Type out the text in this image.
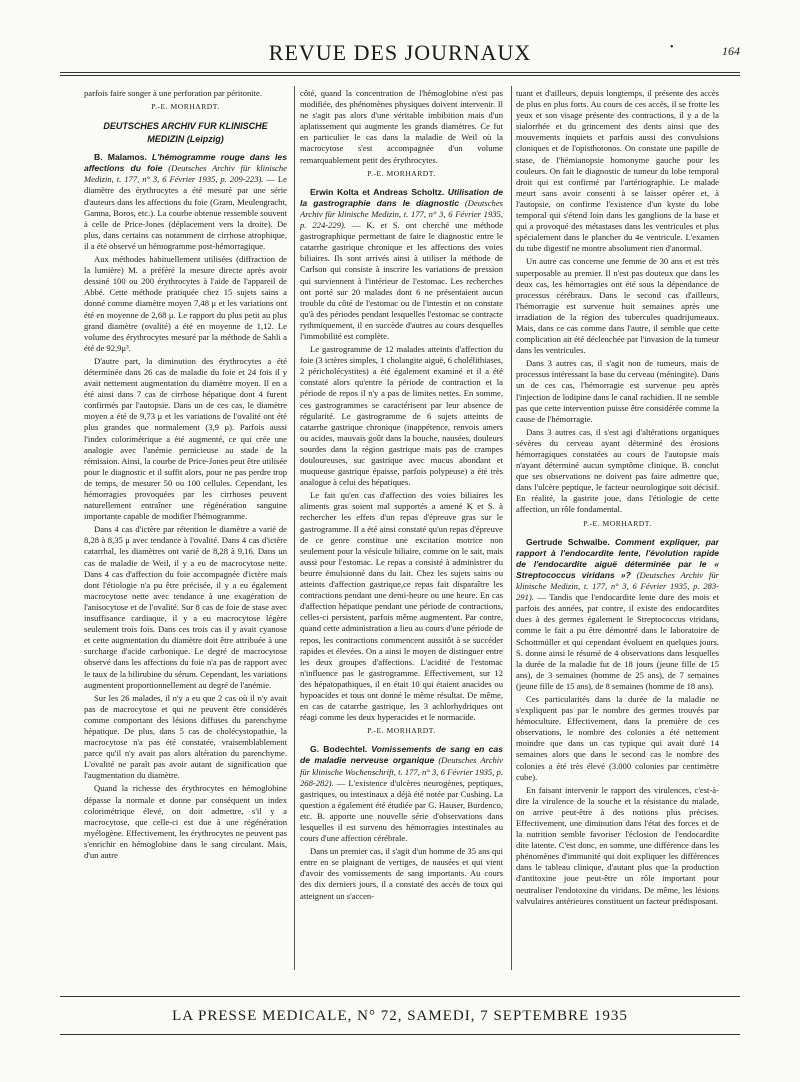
REVUE DES JOURNAUX	•	164

parfois faire songer à une perforation par péritonite.

P.-E. MORHARDT.
DEUTSCHES ARCHIV FUR KLINISCHE MEDIZIN (Leipzig)

B. Malamos. L'hémogramme rouge dans les affections du foie (Deutsches Archiv für klinische Medizin, t. 177, n° 3, 6 Février 1935, p. 209-223). — Le diamètre des érythrocytes a été mesuré par une série d'auteurs dans les affections du foie (Gram, Meulengracht, Gamna, Boros, etc.). La courbe obtenue ressemble souvent à celle de Price-Jones (déplacement vers la droite). De plus, dans certains cas notamment de cirrhose atrophique, il a été observé un hémogramme post-hémorragique.

Aux méthodes habituellement utilisées (diffraction de la lumière) M. a préféré la mesure directe après avoir dessiné 100 ou 200 érythrocytes à l'aide de l'appareil de Abbé. Cette méthode pratiquée chez 15 sujets sains a donné comme diamètre moyen 7,48 μ et les variations ont été en moyenne de 2,68 μ. Le rapport du plus petit au plus grand diamètre (ovalité) a été en moyenne de 1,12. Le volume des érythrocytes mesuré par la méthode de Sahli a été de 92,9μ³.

D'autre part, la diminution des érythrocytes a été déterminée dans 26 cas de maladie du foie et 24 fois il y avait nettement augmentation du diamètre moyen. Il en a été ainsi dans 7 cas de cirrhose hépatique dont 4 furent confirmés par l'autopsie. Dans un de ces cas, le diamètre moyen a été de 9,73 μ et les variations de l'ovalité ont été plus grandes que normalement (3,9 μ). Parfois aussi l'index colorimétrique a été augmenté, ce qui crée une analogie avec l'anémie pernicieuse au stade de la rémission. Ainsi, la courbe de Price-Jones peut être utilisée pour le diagnostic et il suffit alors, pour ne pas perdre trop de temps, de mesurer 50 ou 100 cellules. Cependant, les hémorragies provoquées par les cirrhoses peuvent naturellement entraîner une régénération sanguine importante capable de modifier l'hémogramme.

Dans 4 cas d'ictère par rétention le diamètre a varié de 8,28 à 8,35 μ avec tendance à l'ovalité. Dans 4 cas d'ictère catarrhal, les diamètres ont varié de 8,28 à 9,16. Dans un cas de maladie de Weil, il y a eu de macrocytose nette. Dans 4 cas d'affection du foie accompagnée d'ictère mais dont l'étiologie n'a pu être précisée, il y a eu également macrocytose nette avec tendance à une exagération de l'anisocytose et de l'ovalité. Sur 8 cas de foie de stase avec insuffisance cardiaque, il y a eu macrocytose légère seulement trois fois. Dans ces trois cas il y avait cyanose et cette augmentation du diamètre doit être attribuée à une surcharge d'acide carbonique. Le degré de macrocytose observé dans les affections du foie n'a pas de rapport avec le taux de la bilirubine du sérum. Cependant, les variations augmentent proportionnellement au degré de l'anémie.

Sur les 26 malades, il n'y a eu que 2 cas où il n'y avait pas de macrocytose et qui ne peuvent être considérés comme comportant des lésions diffuses du parenchyme hépatique. De plus, dans 5 cas de cholécystopathie, la macrocytose n'a pas été constatée, vraisemblablement parce qu'il n'y avait pas alors altération du parenchyme. L'ovalité ne paraît pas avoir autant de signification que l'augmentation du diamètre.

Quand la richesse des érythrocytes en hémoglobine dépasse la normale et donne par conséquent un index colorimétrique élevé, on doit admettre, s'il y a macrocytose, que celle-ci est due à une régénération myélogène. Effectivement, les érythrocytes ne peuvent pas s'enrichir en hémoglobine dans le sang circulant. Mais, d'un autre

côté, quand la concentration de l'hémoglobine n'est pas modifiée, des phénomènes physiques doivent intervenir. Il ne s'agit pas alors d'une véritable imbibition mais d'un aplatissement qui augmente les grands diamètres. Ce fut en particulier le cas dans la maladie de Weil où la macrocytose s'est accompagnée d'un volume remarquablement petit des érythrocytes.

P.-E. MORHARDT.

Erwin Kolta et Andreas Scholtz. Utilisation de la gastrographie dans le diagnostic (Deutsches Archiv für klinische Medizin, t. 177, n° 3, 6 Février 1935, p. 224-229). — K. et S. ont cherché une méthode gastrographique permettant de faire le diagnostic entre le catarrhe gastrique chronique et les affections des voies biliaires. Ils sont arrivés ainsi à utiliser la méthode de Carlson qui consiste à inscrire les variations de pression qui surviennent à l'intérieur de l'estomac. Les recherches ont porté sur 20 malades dont 6 ne présentaient aucun trouble du côté de l'estomac ou de l'intestin et on constate qu'à des périodes pendant lesquelles l'estomac se contracte rythmiquement, il en succède d'autres au cours desquelles l'immobilité est complète.

Le gastrogramme de 12 malades atteints d'affection du foie (3 ictères simples, 1 cholangite aiguë, 6 cholélithiases, 2 péricholécystites) a été également examiné et il a été constaté alors qu'entre la période de contraction et la période de repos il n'y a pas de limites nettes. En somme, ces gastrogrammes se caractérisent par leur absence de régularité. Le gastrogramme de 6 sujets atteints de catarrhe gastrique chronique (inappétence, renvois amers ou acides, mauvais goût dans la bouche, nausées, douleurs sourdes dans la région gastrique mais pas de crampes douloureuses, suc gastrique avec mucus abondant et muqueuse gastrique épaisse, parfois polypeuse) a été très analogue à celui des hépatiques.

Le fait qu'en cas d'affection des voies biliaires les aliments gras soient mal supportés a amené K et S. à rechercher les effets d'un repas d'épreuve gras sur le gastrogramme. Il a été ainsi constaté qu'un repas d'épreuve de ce genre constitue une excitation motrice non seulement pour la vésicule biliaire, comme on le sait, mais aussi pour l'estomac. Le repas a consisté à administrer du beurre émulsionné dans du lait. Chez les sujets sains ou atteints d'affection gastrique,ce repas fait disparaître les contractions pendant une demi-heure ou une heure. En cas d'affection hépatique pendant une période de contractions, celles-ci persistent, parfois même augmentent. Par contre, quand cette administration a lieu au cours d'une période de repos, les contractions commencent aussitôt à se succéder rapides et élevées. On a ainsi le moyen de distinguer entre les deux groupes d'affections. L'acidité de l'estomac n'influence pas le gastrogramme. Effectivement, sur 12 des hépatopathiques, il en était 10 qui étaient anacides ou hypoacides et tous ont donné le même résultat. De même, en cas de catarrhe gastrique, les 3 achlorhydriques ont réagi comme les deux hyperacides et le normacide.

P.-E. MORHARDT.

G. Bodechtel. Vomissements de sang en cas de maladie nerveuse organique (Deutsches Archiv für klinische Wochenschrift, t. 177, n° 3, 6 Février 1935, p. 268-282). — L'existence d'ulcères neurogènes, peptiques, gastriques, ou intestinaux a déjà été notée par Cushing. La question a également été étudiée par G. Hauser, Burdenco, etc. B. apporte une nouvelle série d'observations dans lesquelles il est survenu des hémorragies intestinales au cours d'une affection cérébrale.

Dans un premier cas, il s'agit d'un homme de 35 ans qui entre en se plaignant de vertiges, de nausées et qui vient d'avoir des vomissements de sang importants. Au cours des dix derniers jours, il a constaté des accès de toux qui atteignent un s'accen-

tuant et d'ailleurs, depuis longtemps, il présente des accès de plus en plus forts. Au cours de ces accès, il se frotte les yeux et son visage présente des contractions, il y a de la sialorrhée et du grincement des dents ainsi que des mouvements inquiets et parfois aussi des convulsions cloniques et de l'opisthotonos. On constate une papille de stase, de l'hémianopsie homonyme gauche pour les couleurs. On fait le diagnostic de tumeur du lobe temporal droit qui est confirmé par l'artériographie. Le malade meurt sans avoir consenti à se laisser opérer et, à l'autopsie, on confirme l'existence d'un kyste du lobe temporal qui s'étend loin dans les ganglions de la base et qui a provoqué des métastases dans les ventricules et plus spécialement dans le plancher du 4e ventricule. L'examen du tube digestif ne montre absolument rien d'anormal.

Un autre cas concerne une femme de 30 ans et est très superposable au premier. Il n'est pas douteux que dans les deux cas, les hémorragies ont été sous la dépendance de processus cérébraux. Dans le second cas d'ailleurs, l'hémorragie est survenue huit semaines après une irradiation de la région des tubercules quadrijumeaux. Mais, dans ce cas comme dans l'autre, il semble que cette complication ait été déclenchée par l'invasion de la tumeur dans les ventricules.

Dans 3 autres cas, il s'agit non de tumeurs, mais de processus intéressant la base du cerveau (méningite). Dans un de ces cas, l'hémorragie est survenue peu après l'injection de lodipine dans le canal rachidien. Il ne semble pas que cette intervention puisse être considérée comme la cause de l'hémorragie.

Dans 3 autres cas, il s'est agi d'altérations organiques sévères du cerveau ayant déterminé des érosions hémorragiques constatées au cours de l'autopsie mais n'ayant déterminé aucun symptôme clinique. B. conclut que ses observations ne doivent pas faire admettre que, dans l'ulcère peptique, le facteur neurologique soit décisif. En réalité, la gastrite joue, dans l'étiologie de cette affection, un rôle fondamental.

P.-E. MORHARDT.

Gertrude Schwalbe. Comment expliquer, par rapport à l'endocardite lente, l'évolution rapide de l'endocardite aiguë déterminée par le « Streptococcus viridans »? (Deutsches Archiv für klinische Medizin, t. 177, n° 3, 6 Février 1935, p. 283-291). — Tandis que l'endocardite lente dure des mois et parfois des années, par contre, il existe des endocardites dues à des germes également le Streptococcus viridans, comme le fait a pu être démontré dans le laboratoire de Schottmüller et qui cependant évoluent en quelques jours. S. donne ainsi le résumé de 4 observations dans lesquelles la durée de la maladie fut de 18 jours (jeune fille de 15 ans), de 3 semaines (homme de 25 ans), de 7 semaines (jeune fille de 15 ans), de 8 semaines (homme de 18 ans).

Ces particularités dans la durée de la maladie ne s'expliquent pas par le nombre des germes trouvés par hémoculture. Effectivement, dans la première de ces observations, le nombre des colonies a été nettement moindre que dans un cas typique qui avait duré 14 semaines alors que dans le second cas le nombre des colonies a été très élevé (3.000 colonies par centimètre cube).

En faisant intervenir le rapport des virulences, c'est-à-dire la virulence de la souche et la résistance du malade, on arrive peut-être à des notions plus précises. Effectivement, une diminution dans l'état des forces et de la nutrition semble favoriser l'éclosion de l'endocardite dite latente. C'est donc, en somme, une différence dans les phénomènes d'immunité qui doit expliquer les différences dans le tableau clinique, d'autant plus que la production d'antitoxine joue peut-être un rôle important pour neutraliser l'endotoxine du viridans. De même, les lésions valvulaires antérieures constituent un facteur prédisposant.

LA PRESSE MEDICALE, N° 72, SAMEDI, 7 SEPTEMBRE 1935
